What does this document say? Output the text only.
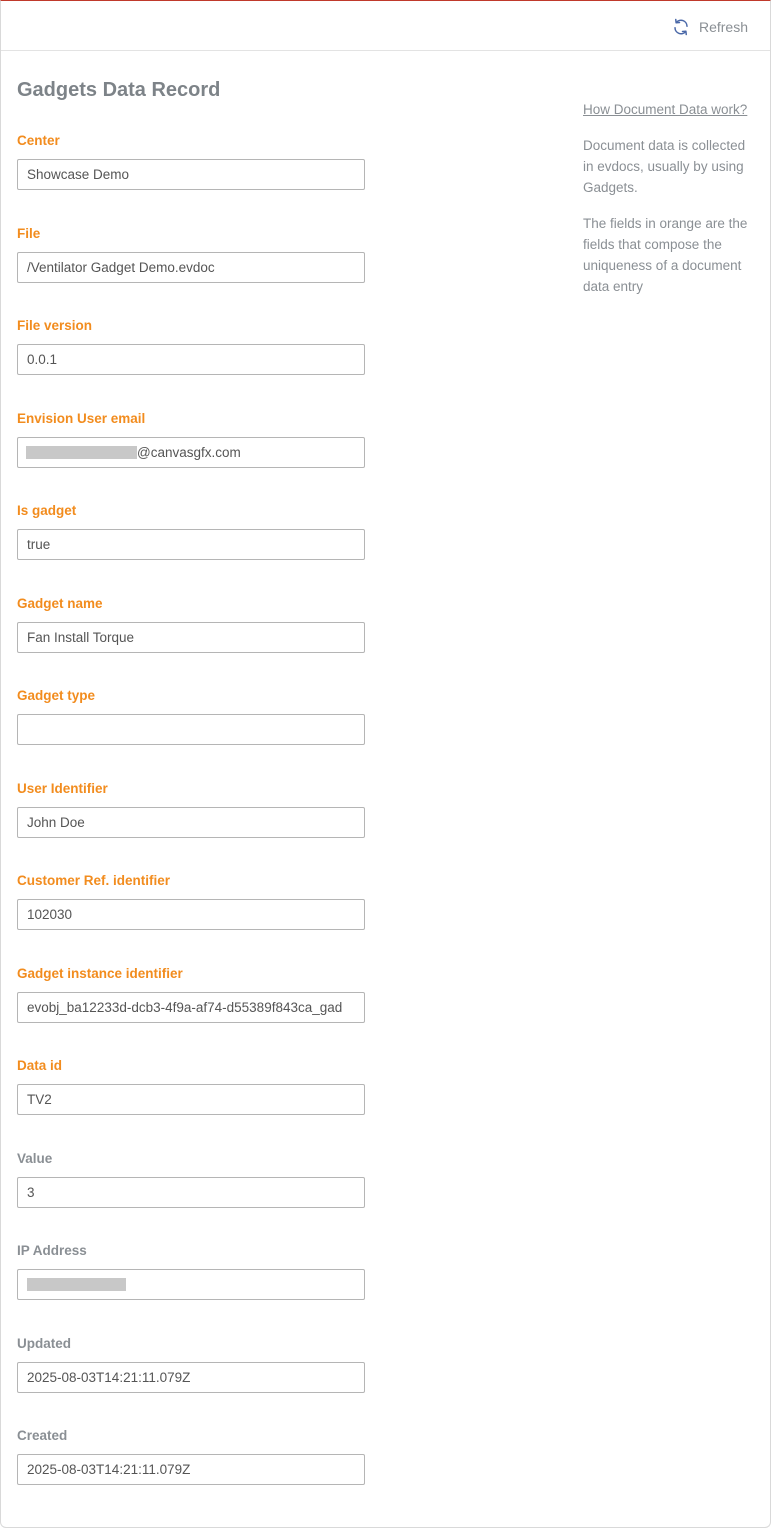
Refresh
Gadgets Data Record
Center
Showcase Demo
File
/Ventilator Gadget Demo.evdoc
File version
0.0.1
Envision User email
@canvasgfx.com
Is gadget
true
Gadget name
Fan Install Torque
Gadget type
User Identifier
John Doe
Customer Ref. identifier
102030
Gadget instance identifier
evobj_ba12233d-dcb3-4f9a-af74-d55389f843ca_gad
Data id
TV2
Value
3
IP Address
Updated
2025-08-03T14:21:11.079Z
Created
2025-08-03T14:21:11.079Z
How Document Data work?

Document data is collected in evdocs, usually by using Gadgets.

The fields in orange are the fields that compose the uniqueness of a document data entry
